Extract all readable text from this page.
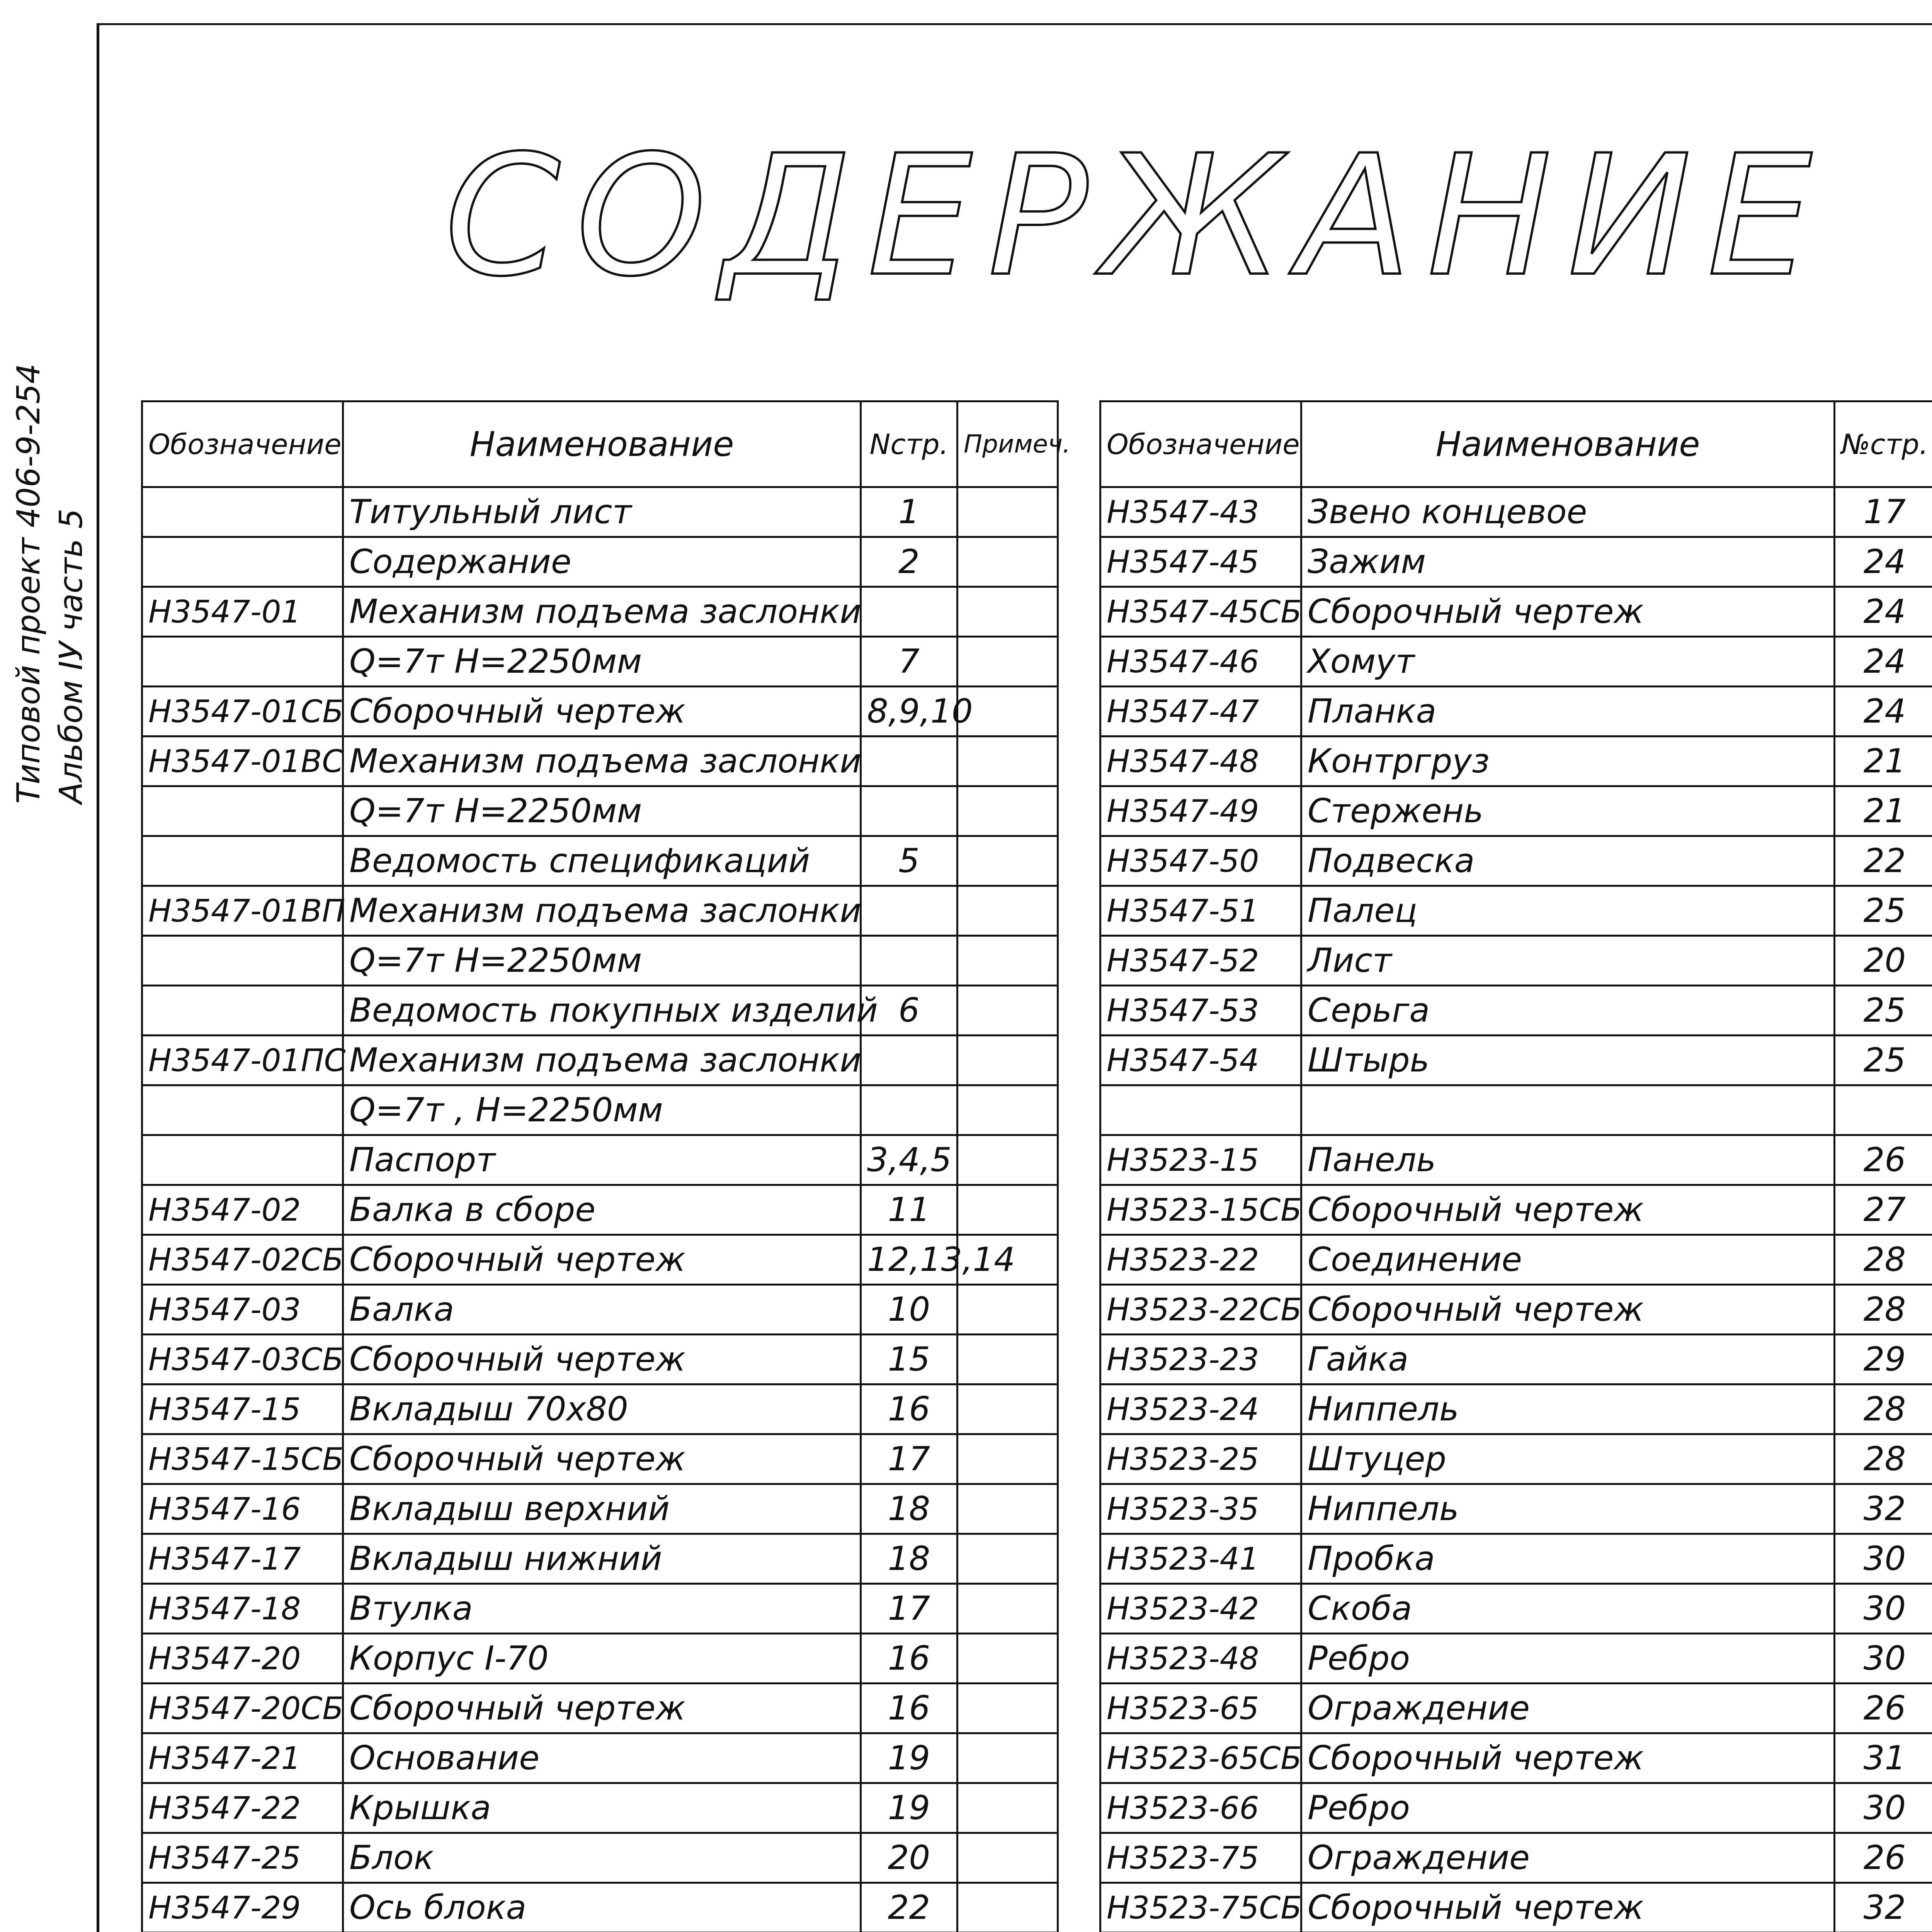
СОДЕРЖАНИЕ
Типовой проект 406-9-254 Альбом IУ часть 5
Обозначение	Наименование	Nстр.	Примеч.
	Титульный лист	1	
	Содержание	2	
Н3547-01	Механизм подъема заслонки		
	Q=7т Н=2250мм	7	
Н3547-01СБ	Сборочный чертеж	8,9,10	
Н3547-01ВС	Механизм подъема заслонки		
	Q=7т Н=2250мм		
	Ведомость спецификаций	5	
Н3547-01ВП	Механизм подъема заслонки		
	Q=7т Н=2250мм		
	Ведомость покупных изделий	6	
Н3547-01ПС	Механизм подъема заслонки		
	Q=7т , Н=2250мм		
	Паспорт	3,4,5	
Н3547-02	Балка в сборе	11	
Н3547-02СБ	Сборочный чертеж	12,13,14	
Н3547-03	Балка	10	
Н3547-03СБ	Сборочный чертеж	15	
Н3547-15	Вкладыш 70х80	16	
Н3547-15СБ	Сборочный чертеж	17	
Н3547-16	Вкладыш верхний	18	
Н3547-17	Вкладыш нижний	18	
Н3547-18	Втулка	17	
Н3547-20	Корпус I-70	16	
Н3547-20СБ	Сборочный чертеж	16	
Н3547-21	Основание	19	
Н3547-22	Крышка	19	
Н3547-25	Блок	20	
Н3547-29	Ось блока	22	

Обозначение	Наименование	№стр.	
Н3547-43	Звено концевое	17	
Н3547-45	Зажим	24	
Н3547-45СБ	Сборочный чертеж	24	
Н3547-46	Хомут	24	
Н3547-47	Планка	24	
Н3547-48	Контргруз	21	
Н3547-49	Стержень	21	
Н3547-50	Подвеска	22	
Н3547-51	Палец	25	
Н3547-52	Лист	20	
Н3547-53	Серьга	25	
Н3547-54	Штырь	25	

Н3523-15	Панель	26	
Н3523-15СБ	Сборочный чертеж	27	
Н3523-22	Соединение	28	
Н3523-22СБ	Сборочный чертеж	28	
Н3523-23	Гайка	29	
Н3523-24	Ниппель	28	
Н3523-25	Штуцер	28	
Н3523-35	Ниппель	32	
Н3523-41	Пробка	30	
Н3523-42	Скоба	30	
Н3523-48	Ребро	30	
Н3523-65	Ограждение	26	
Н3523-65СБ	Сборочный чертеж	31	
Н3523-66	Ребро	30	
Н3523-75	Ограждение	26	
Н3523-75СБ	Сборочный чертеж	32	
